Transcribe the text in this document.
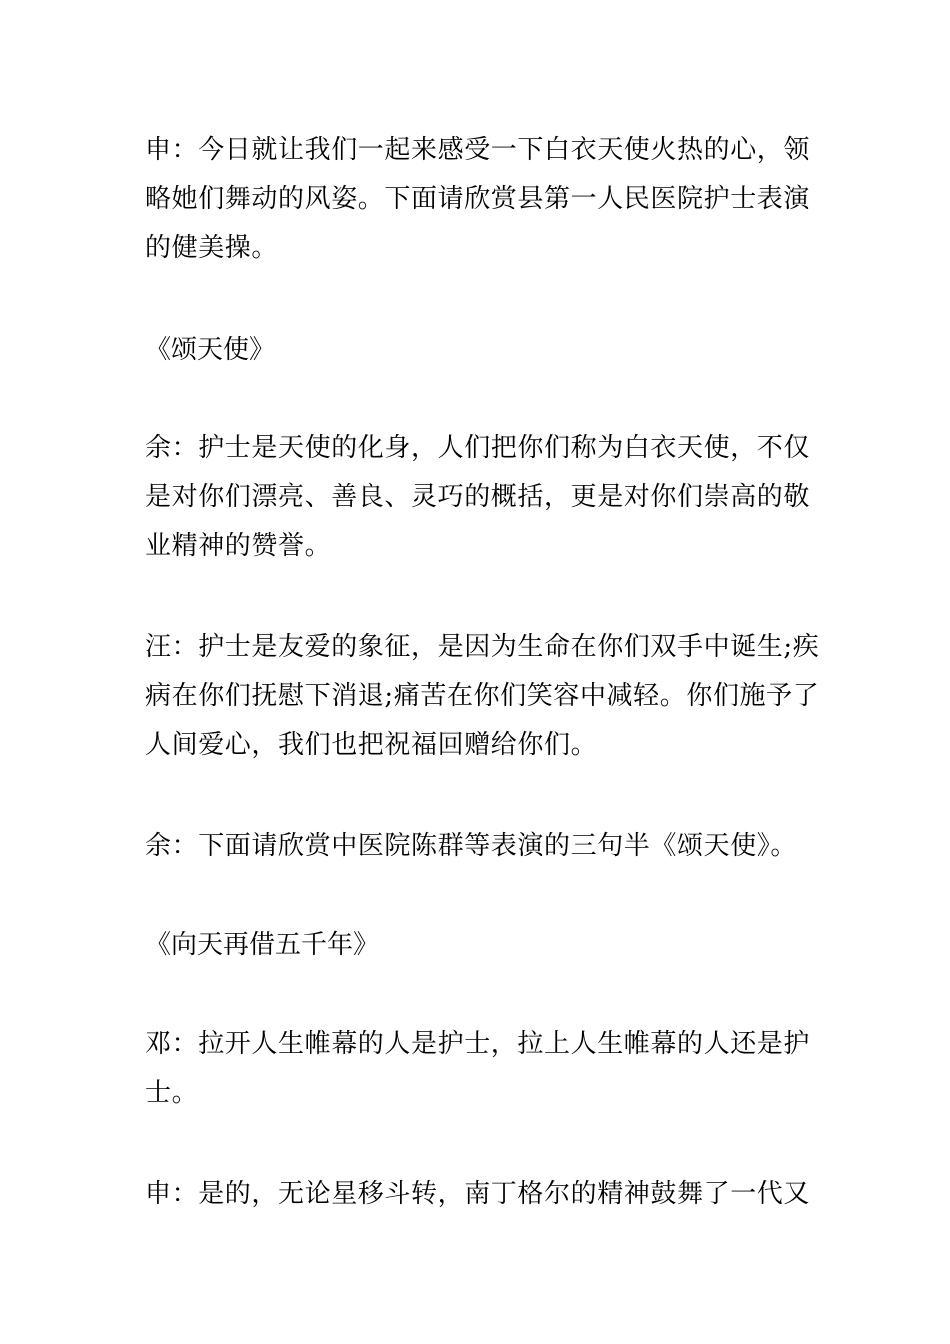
申：今日就让我们一起来感受一下白衣天使火热的心，领
略她们舞动的风姿。下面请欣赏县第一人民医院护士表演
的健美操。
《颂天使》
余：护士是天使的化身，人们把你们称为白衣天使，不仅
是对你们漂亮、善良、灵巧的概括，更是对你们崇高的敬
业精神的赞誉。
汪：护士是友爱的象征，是因为生命在你们双手中诞生;疾
病在你们抚慰下消退;痛苦在你们笑容中减轻。你们施予了
人间爱心，我们也把祝福回赠给你们。
余：下面请欣赏中医院陈群等表演的三句半《颂天使》。
《向天再借五千年》
邓：拉开人生帷幕的人是护士，拉上人生帷幕的人还是护
士。
申：是的，无论星移斗转，南丁格尔的精神鼓舞了一代又
